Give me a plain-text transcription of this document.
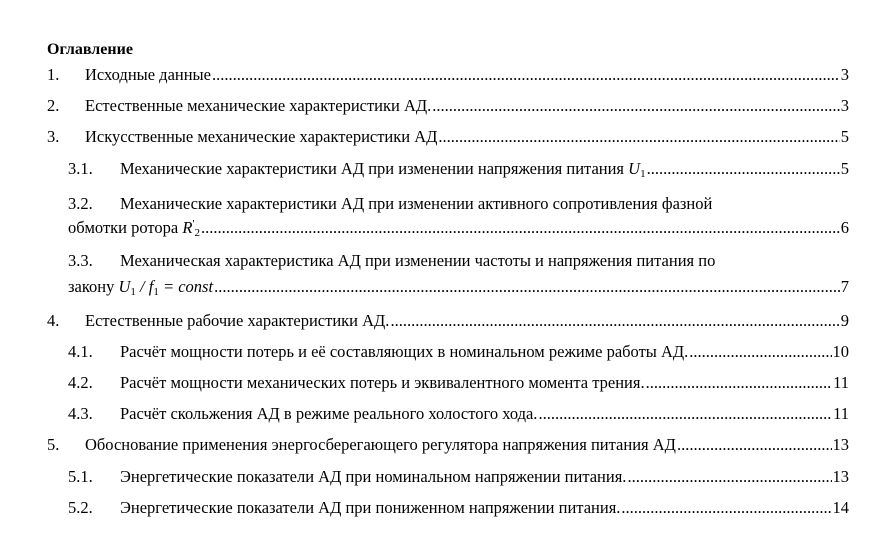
Оглавление
1.	Исходные данные .....	3
2.	Естественные механические характеристики АД. .....	3
3.	Искусственные механические характеристики АД .....	5
3.1.	Механические характеристики АД при изменении напряжения питания $U_1$ .....	5
3.2.	Механические характеристики АД при изменении активного сопротивления фазной
обмотки ротора $R'_2$ .....	6
3.3.	Механическая характеристика АД при изменении частоты и напряжения питания по
закону $U_1 / f_1$ = const .....	7
4.	Естественные рабочие характеристики АД. .....	9
4.1.	Расчёт мощности потерь и её составляющих в номинальном режиме работы АД. .....	10
4.2.	Расчёт мощности механических потерь и эквивалентного момента трения. .....	11
4.3.	Расчёт скольжения АД в режиме реального холостого хода. .....	11
5.	Обоснование применения энергосберегающего регулятора напряжения питания АД .....	13
5.1.	Энергетические показатели АД при номинальном напряжении питания. .....	13
5.2.	Энергетические показатели АД при пониженном напряжении питания. .....	14
